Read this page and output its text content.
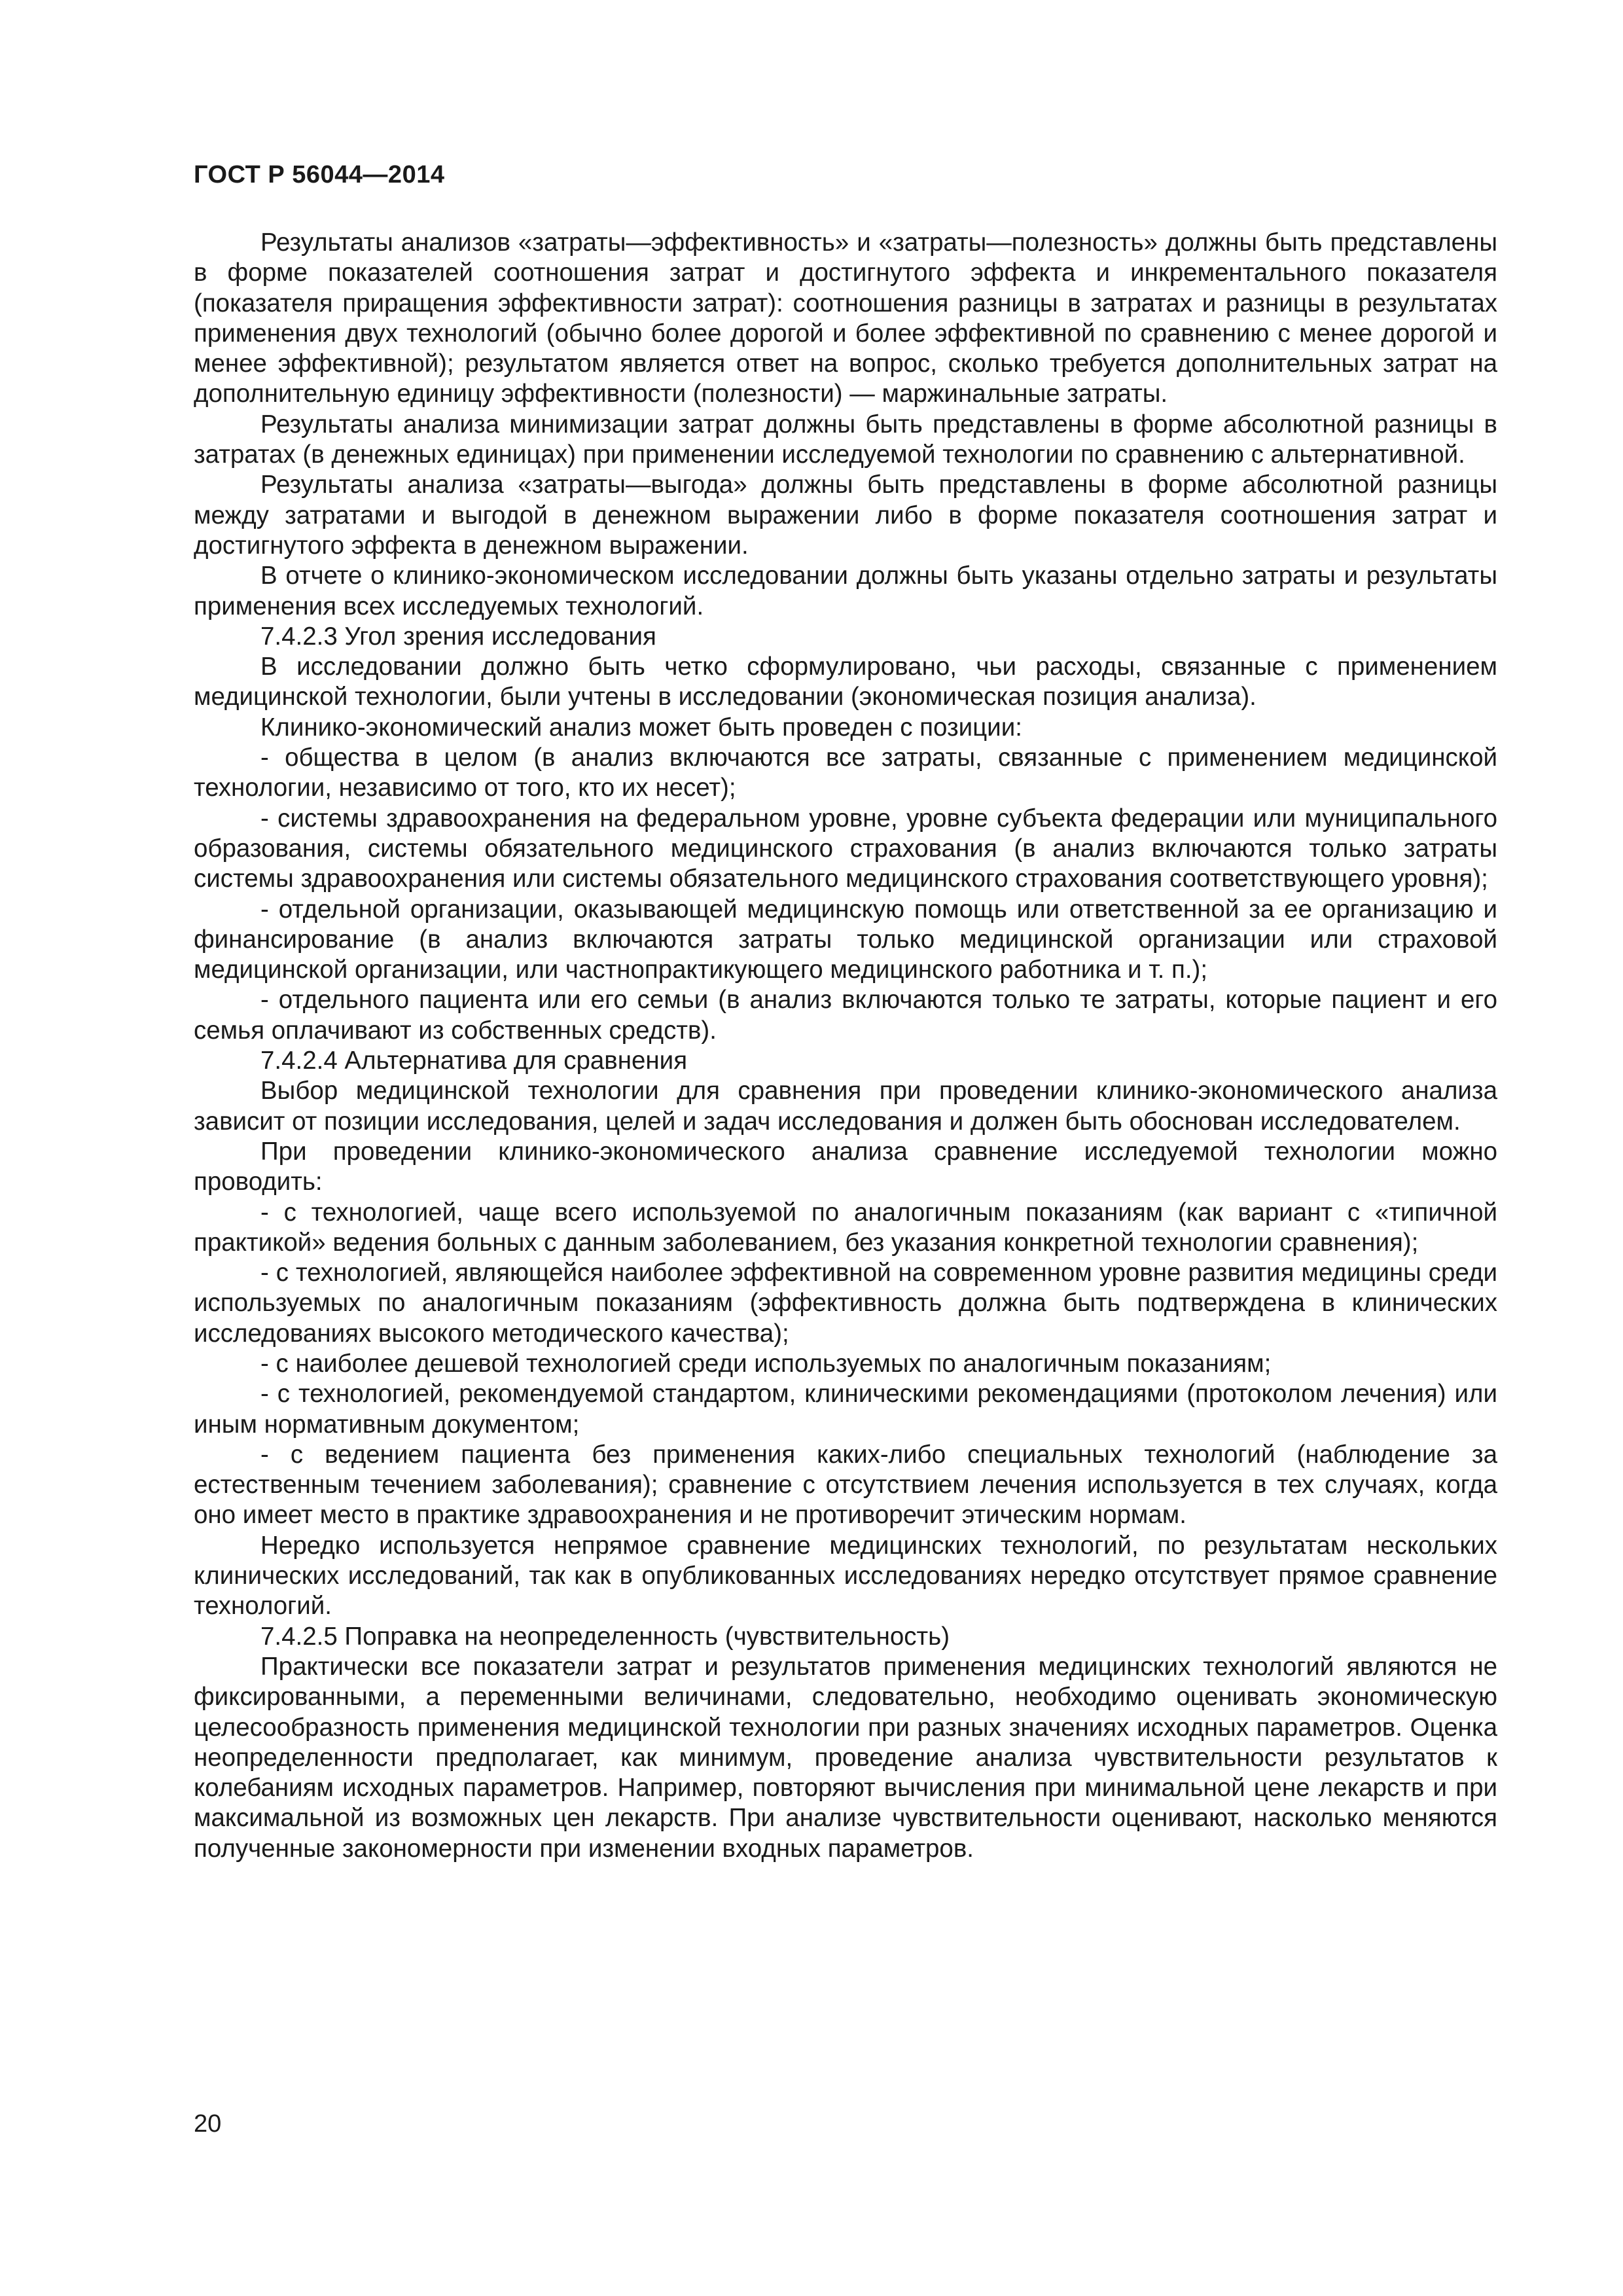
ГОСТ Р 56044—2014

Результаты анализов «затраты—эффективность» и «затраты—полезность» должны быть представлены в форме показателей соотношения затрат и достигнутого эффекта и инкрементального показателя (показателя приращения эффективности затрат): соотношения разницы в затратах и разницы в результатах применения двух технологий (обычно более дорогой и более эффективной по сравнению с менее дорогой и менее эффективной); результатом является ответ на вопрос, сколько требуется дополнительных затрат на дополнительную единицу эффективности (полезности) — маржинальные затраты.

Результаты анализа минимизации затрат должны быть представлены в форме абсолютной разницы в затратах (в денежных единицах) при применении исследуемой технологии по сравнению с альтернативной.

Результаты анализа «затраты—выгода» должны быть представлены в форме абсолютной разницы между затратами и выгодой в денежном выражении либо в форме показателя соотношения затрат и достигнутого эффекта в денежном выражении.

В отчете о клинико-экономическом исследовании должны быть указаны отдельно затраты и результаты применения всех исследуемых технологий.

7.4.2.3 Угол зрения исследования

В исследовании должно быть четко сформулировано, чьи расходы, связанные с применением медицинской технологии, были учтены в исследовании (экономическая позиция анализа).

Клинико-экономический анализ может быть проведен с позиции:

- общества в целом (в анализ включаются все затраты, связанные с применением медицинской технологии, независимо от того, кто их несет);

- системы здравоохранения на федеральном уровне, уровне субъекта федерации или муниципального образования, системы обязательного медицинского страхования (в анализ включаются только затраты системы здравоохранения или системы обязательного медицинского страхования соответствующего уровня);

- отдельной организации, оказывающей медицинскую помощь или ответственной за ее организацию и финансирование (в анализ включаются затраты только медицинской организации или страховой медицинской организации, или частнопрактикующего медицинского работника и т. п.);

- отдельного пациента или его семьи (в анализ включаются только те затраты, которые пациент и его семья оплачивают из собственных средств).

7.4.2.4 Альтернатива для сравнения

Выбор медицинской технологии для сравнения при проведении клинико-экономического анализа зависит от позиции исследования, целей и задач исследования и должен быть обоснован исследователем.

При проведении клинико-экономического анализа сравнение исследуемой технологии можно проводить:

- с технологией, чаще всего используемой по аналогичным показаниям (как вариант с «типичной практикой» ведения больных с данным заболеванием, без указания конкретной технологии сравнения);

- с технологией, являющейся наиболее эффективной на современном уровне развития медицины среди используемых по аналогичным показаниям (эффективность должна быть подтверждена в клинических исследованиях высокого методического качества);

- с наиболее дешевой технологией среди используемых по аналогичным показаниям;

- с технологией, рекомендуемой стандартом, клиническими рекомендациями (протоколом лечения) или иным нормативным документом;

- с ведением пациента без применения каких-либо специальных технологий (наблюдение за естественным течением заболевания); сравнение с отсутствием лечения используется в тех случаях, когда оно имеет место в практике здравоохранения и не противоречит этическим нормам.

Нередко используется непрямое сравнение медицинских технологий, по результатам нескольких клинических исследований, так как в опубликованных исследованиях нередко отсутствует прямое сравнение технологий.

7.4.2.5 Поправка на неопределенность (чувствительность)

Практически все показатели затрат и результатов применения медицинских технологий являются не фиксированными, а переменными величинами, следовательно, необходимо оценивать экономическую целесообразность применения медицинской технологии при разных значениях исходных параметров. Оценка неопределенности предполагает, как минимум, проведение анализа чувствительности результатов к колебаниям исходных параметров. Например, повторяют вычисления при минимальной цене лекарств и при максимальной из возможных цен лекарств. При анализе чувствительности оценивают, насколько меняются полученные закономерности при изменении входных параметров.

20
